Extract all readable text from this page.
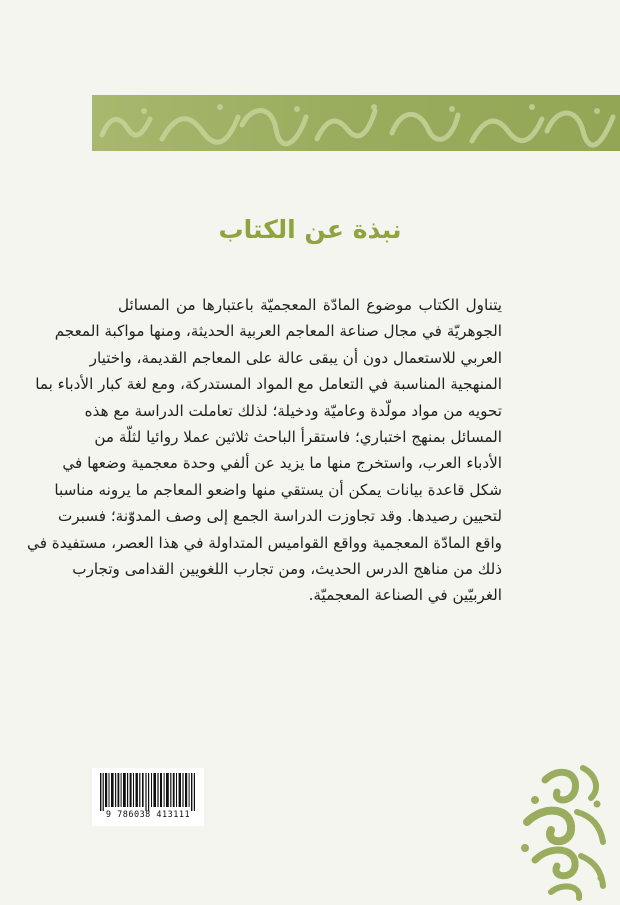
نبذة عن الكتاب
يتناول الكتاب موضوع المادّة المعجميّة باعتبارها من المسائل
الجوهريّة في مجال صناعة المعاجم العربية الحديثة، ومنها مواكبة المعجم
العربي للاستعمال دون أن يبقى عالة على المعاجم القديمة، واختيار
المنهجية المناسبة في التعامل مع المواد المستدركة، ومع لغة كبار الأدباء بما
تحويه من مواد مولّدة وعاميّة ودخيلة؛ لذلك تعاملت الدراسة مع هذه
المسائل بمنهج اختباري؛ فاستقرأ الباحث ثلاثين عملا روائيا لثلّة من
الأدباء العرب، واستخرج منها ما يزيد عن ألفي وحدة معجمية وضعها في
شكل قاعدة بيانات يمكن أن يستقي منها واضعو المعاجم ما يرونه مناسبا
لتحيين رصيدها. وقد تجاوزت الدراسة الجمع إلى وصف المدوّنة؛ فسبرت
واقع المادّة المعجمية وواقع القواميس المتداولة في هذا العصر، مستفيدة في
ذلك من مناهج الدرس الحديث، ومن تجارب اللغويين القدامى وتجارب
الغربيّين في الصناعة المعجميّة.
9 786038 413111
